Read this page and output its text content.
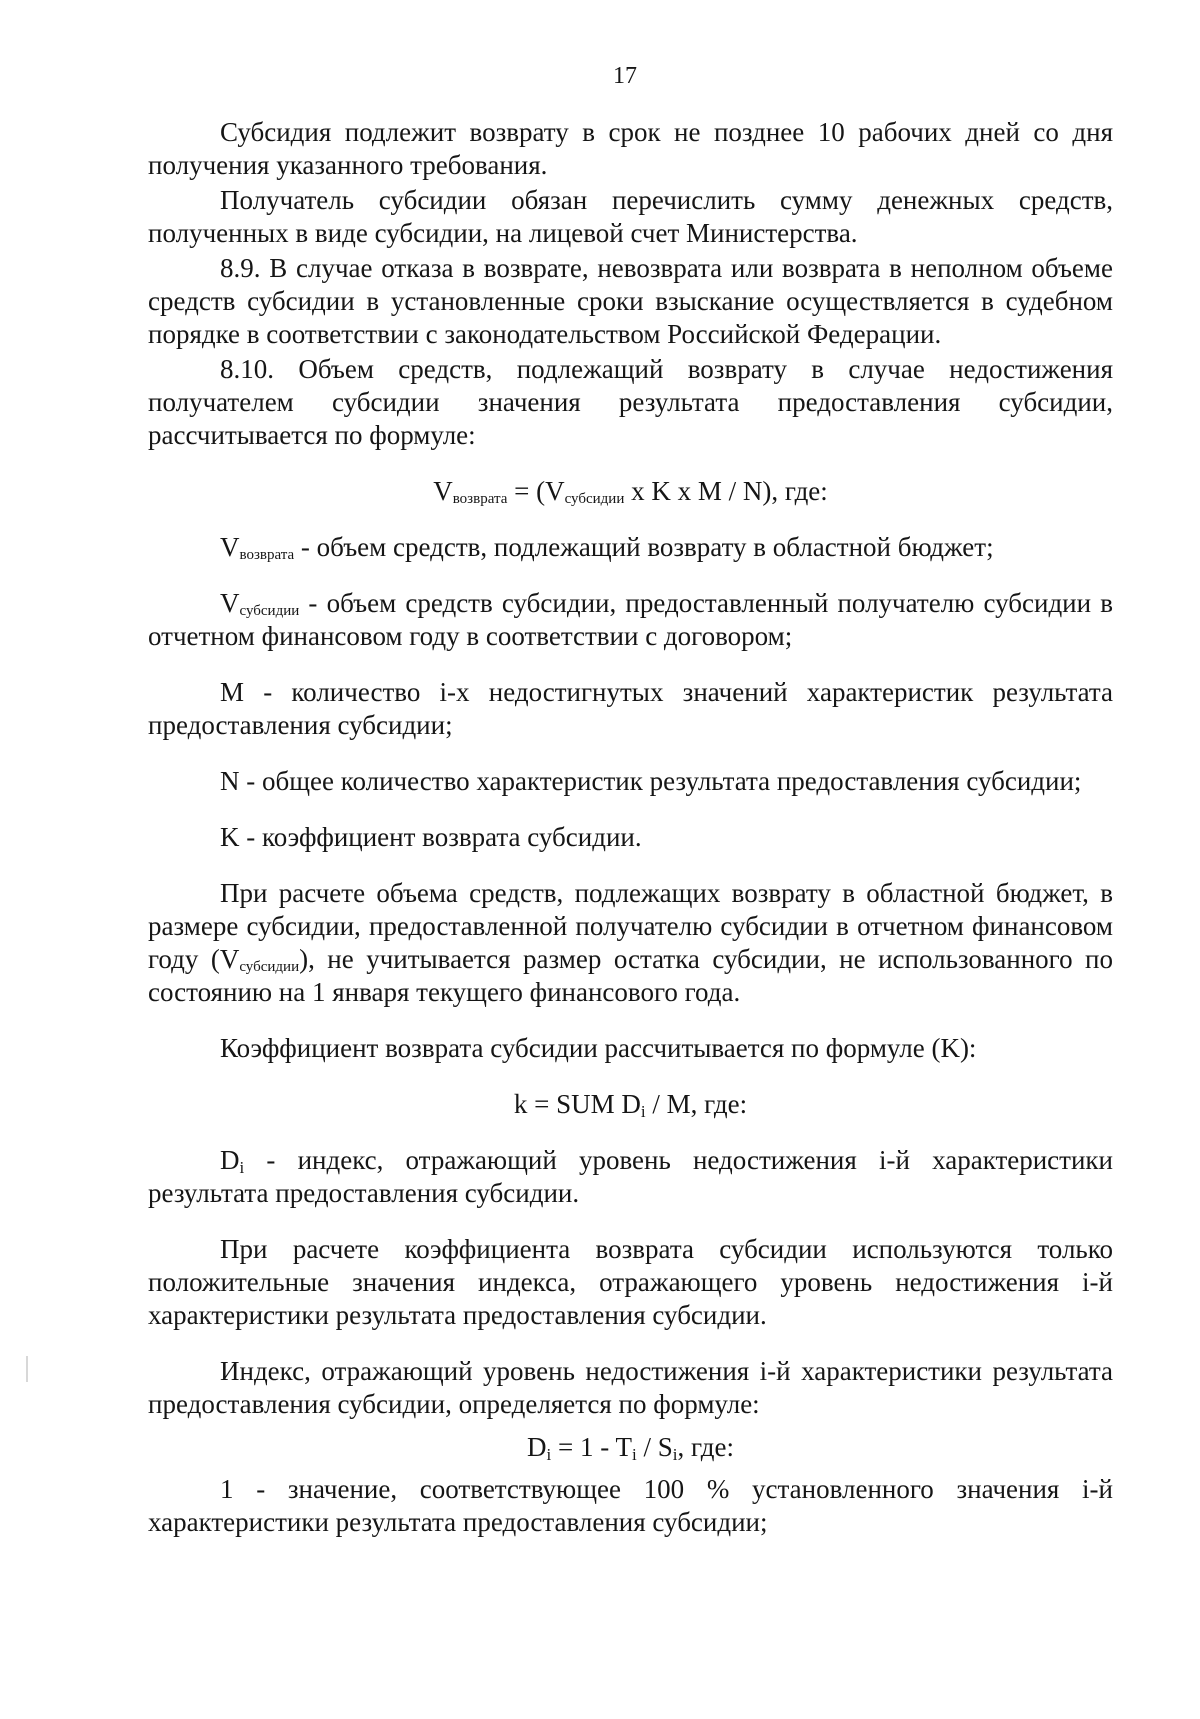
17

Субсидия подлежит возврату в срок не позднее 10 рабочих дней со дня получения указанного требования.

Получатель субсидии обязан перечислить сумму денежных средств, полученных в виде субсидии, на лицевой счет Министерства.

8.9. В случае отказа в возврате, невозврата или возврата в неполном объеме средств субсидии в установленные сроки взыскание осуществляется в судебном порядке в соответствии с законодательством Российской Федерации.

8.10. Объем средств, подлежащий возврату в случае недостижения получателем субсидии значения результата предоставления субсидии, рассчитывается по формуле:

$V_{возврата} = (V_{субсидии}$ x K x M / N), где:

$V_{возврата}$ - объем средств, подлежащий возврату в областной бюджет;

$V_{субсидии}$ - объем средств субсидии, предоставленный получателю субсидии в отчетном финансовом году в соответствии с договором;

М - количество i-х недостигнутых значений характеристик результата предоставления субсидии;

N - общее количество характеристик результата предоставления субсидии;

K - коэффициент возврата субсидии.

При расчете объема средств, подлежащих возврату в областной бюджет, в размере субсидии, предоставленной получателю субсидии в отчетном финансовом году $(V_{субсидии})$, не учитывается размер остатка субсидии, не использованного по состоянию на 1 января текущего финансового года.

Коэффициент возврата субсидии рассчитывается по формуле (K):

k = SUM $D_i$ / M, где:

$D_i$ - индекс, отражающий уровень недостижения i-й характеристики результата предоставления субсидии.

При расчете коэффициента возврата субсидии используются только положительные значения индекса, отражающего уровень недостижения i-й характеристики результата предоставления субсидии.

Индекс, отражающий уровень недостижения i-й характеристики результата предоставления субсидии, определяется по формуле:

$D_i = 1 - T_i / S_i$, где:

1 - значение, соответствующее 100 % установленного значения i-й характеристики результата предоставления субсидии;
